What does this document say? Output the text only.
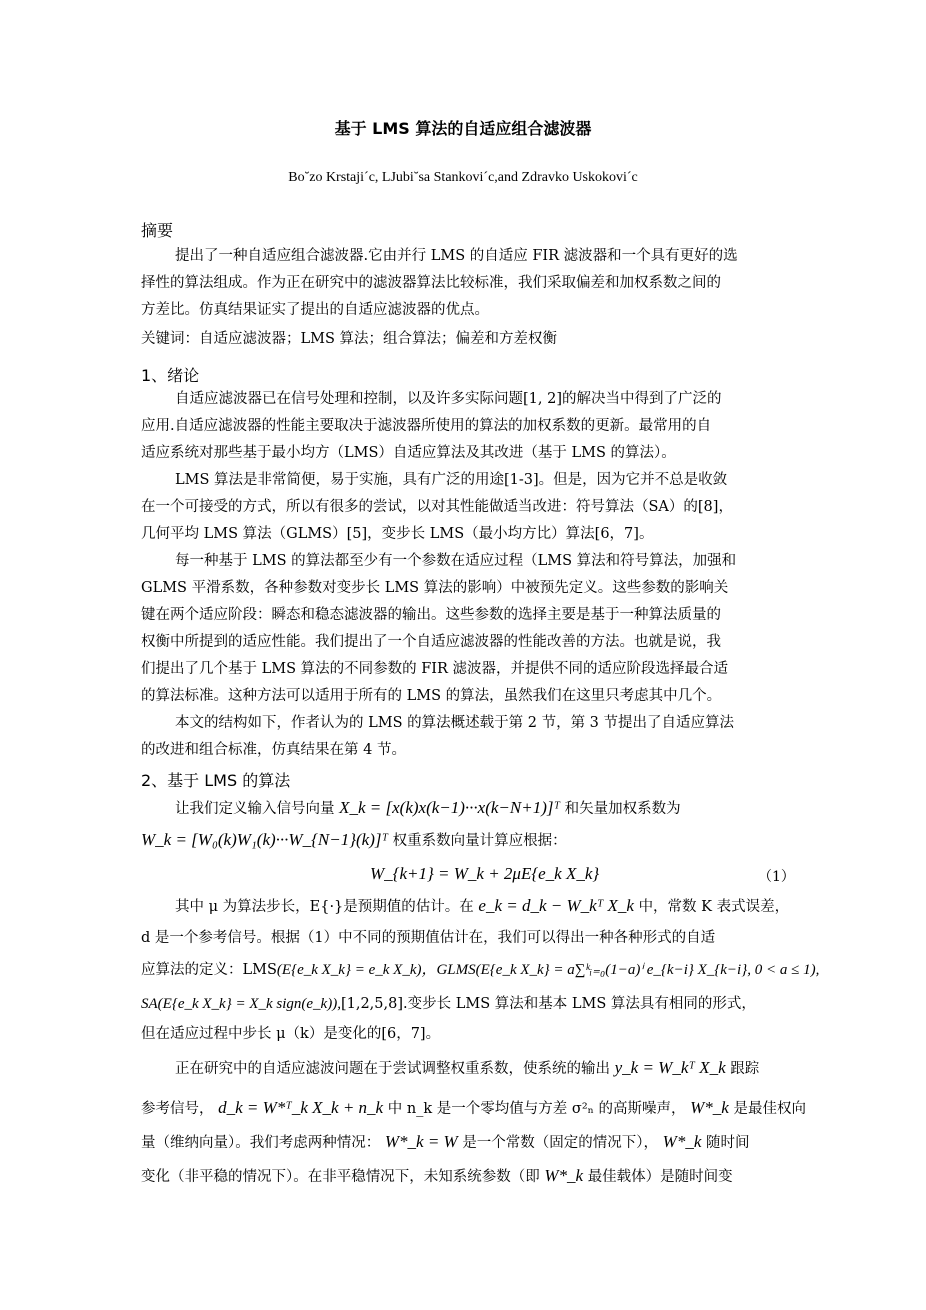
基于 LMS 算法的自适应组合滤波器
Bo˘zo Krstaji´c, LJubi˘sa Stankovi´c,and Zdravko Uskokovi´c
摘要
提出了一种自适应组合滤波器.它由并行 LMS 的自适应 FIR 滤波器和一个具有更好的选
择性的算法组成。作为正在研究中的滤波器算法比较标准，我们采取偏差和加权系数之间的
方差比。仿真结果证实了提出的自适应滤波器的优点。
关键词：自适应滤波器；LMS 算法；组合算法；偏差和方差权衡
1、绪论
自适应滤波器已在信号处理和控制，以及许多实际问题[1, 2]的解决当中得到了广泛的
应用.自适应滤波器的性能主要取决于滤波器所使用的算法的加权系数的更新。最常用的自
适应系统对那些基于最小均方（LMS）自适应算法及其改进（基于 LMS 的算法）。
LMS 算法是非常简便，易于实施，具有广泛的用途[1-3]。但是，因为它并不总是收敛
在一个可接受的方式，所以有很多的尝试，以对其性能做适当改进：符号算法（SA）的[8]，
几何平均 LMS 算法（GLMS）[5]，变步长 LMS（最小均方比）算法[6，7]。
每一种基于 LMS 的算法都至少有一个参数在适应过程（LMS 算法和符号算法，加强和
GLMS 平滑系数，各种参数对变步长 LMS 算法的影响）中被预先定义。这些参数的影响关
键在两个适应阶段：瞬态和稳态滤波器的输出。这些参数的选择主要是基于一种算法质量的
权衡中所提到的适应性能。我们提出了一个自适应滤波器的性能改善的方法。也就是说，我
们提出了几个基于 LMS 算法的不同参数的 FIR 滤波器，并提供不同的适应阶段选择最合适
的算法标准。这种方法可以适用于所有的 LMS 的算法，虽然我们在这里只考虑其中几个。
本文的结构如下，作者认为的 LMS 的算法概述载于第 2 节，第 3 节提出了自适应算法
的改进和组合标准，仿真结果在第 4 节。
2、基于 LMS 的算法
让我们定义输入信号向量 X_k = [x(k)x(k−1)···x(k−N+1)]ᵀ 和矢量加权系数为
W_k = [W₀(k)W₁(k)···W_{N−1}(k)]ᵀ 权重系数向量计算应根据：
W_{k+1} = W_k + 2μE{e_k X_k}	（1）
其中 μ 为算法步长，E{·}是预期值的估计。在 e_k = d_k − W_kᵀ X_k 中，常数 K 表式误差，
d 是一个参考信号。根据（1）中不同的预期值估计在，我们可以得出一种各种形式的自适
应算法的定义：LMS(E{e_k X_k} = e_k X_k)，GLMS(E{e_k X_k} = a∑ᵏᵢ₌₀(1−a)ⁱ e_{k−i} X_{k−i}, 0 < a ≤ 1),
SA(E{e_k X_k} = X_k sign(e_k)),[1,2,5,8].变步长 LMS 算法和基本 LMS 算法具有相同的形式，
但在适应过程中步长 μ（k）是变化的[6，7]。
正在研究中的自适应滤波问题在于尝试调整权重系数，使系统的输出 y_k = W_kᵀ X_k 跟踪
参考信号， d_k = W*ᵀ_k X_k + n_k 中 n_k 是一个零均值与方差 σ²ₙ 的高斯噪声， W*_k 是最佳权向
量（维纳向量）。我们考虑两种情况： W*_k = W 是一个常数（固定的情况下）， W*_k 随时间
变化（非平稳的情况下）。在非平稳情况下，未知系统参数（即 W*_k 最佳载体）是随时间变
